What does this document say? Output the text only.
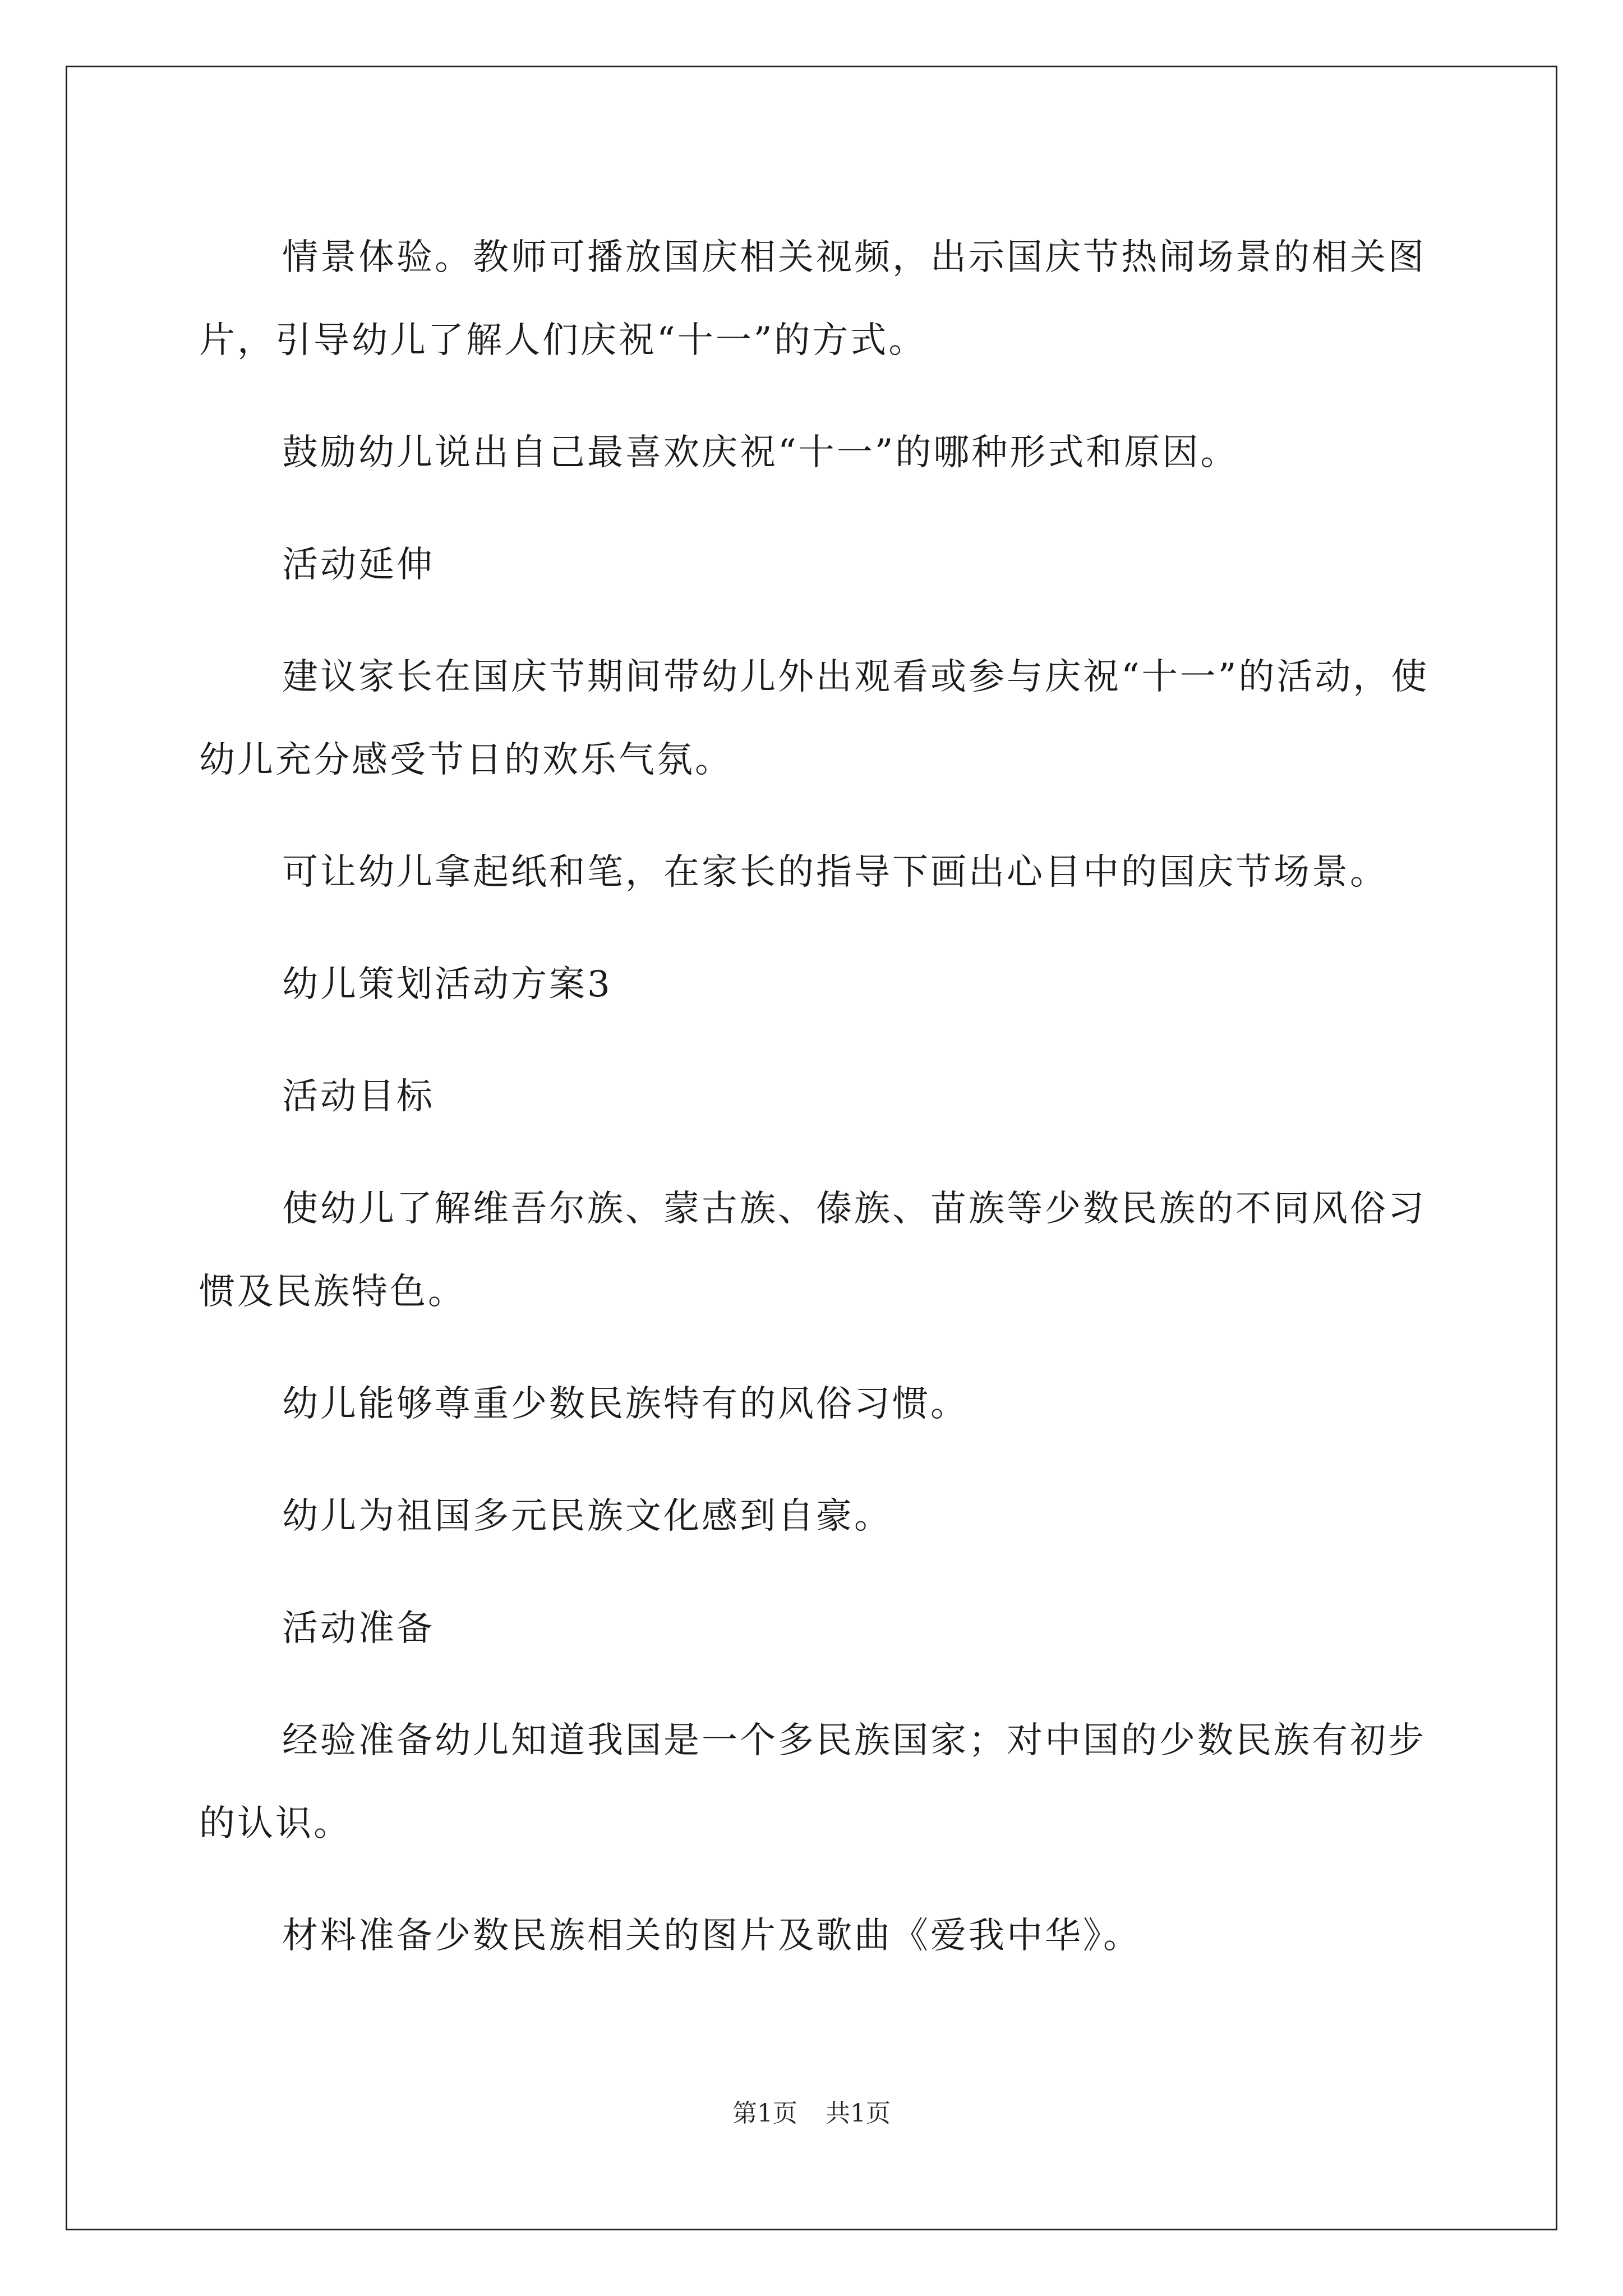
情景体验。教师可播放国庆相关视频，出示国庆节热闹场景的相关图片，引导幼儿了解人们庆祝“十一”的方式。

鼓励幼儿说出自己最喜欢庆祝“十一”的哪种形式和原因。

活动延伸

建议家长在国庆节期间带幼儿外出观看或参与庆祝“十一”的活动，使幼儿充分感受节日的欢乐气氛。

可让幼儿拿起纸和笔，在家长的指导下画出心目中的国庆节场景。

幼儿策划活动方案3

活动目标

使幼儿了解维吾尔族、蒙古族、傣族、苗族等少数民族的不同风俗习惯及民族特色。

幼儿能够尊重少数民族特有的风俗习惯。

幼儿为祖国多元民族文化感到自豪。

活动准备

经验准备幼儿知道我国是一个多民族国家；对中国的少数民族有初步的认识。

材料准备少数民族相关的图片及歌曲《爱我中华》。

第1页 共1页
